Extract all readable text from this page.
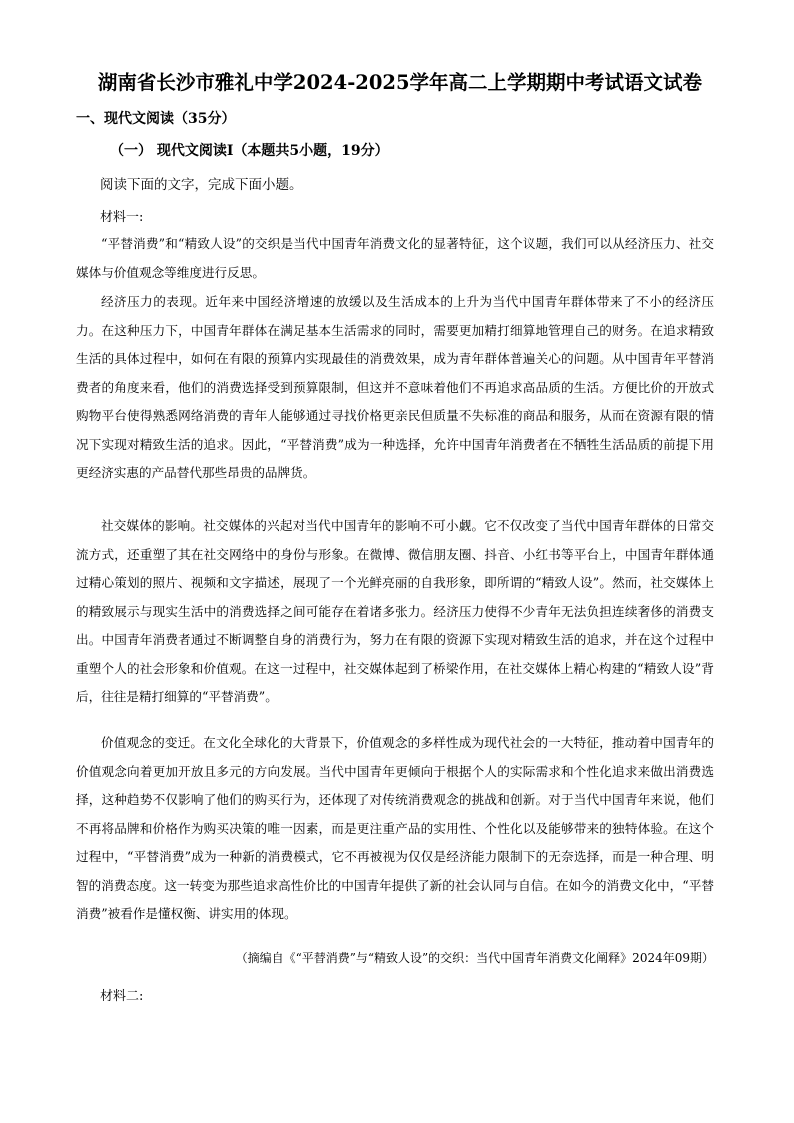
湖南省长沙市雅礼中学2024-2025学年高二上学期期中考试语文试卷
一、现代文阅读（35分）
（一） 现代文阅读Ⅰ（本题共5小题，19分）
阅读下面的文字，完成下面小题。
材料一:

“平替消费”和“精致人设”的交织是当代中国青年消费文化的显著特征，这个议题，我们可以从经济压力、社交媒体与价值观念等维度进行反思。

经济压力的表现。近年来中国经济增速的放缓以及生活成本的上升为当代中国青年群体带来了不小的经济压力。在这种压力下，中国青年群体在满足基本生活需求的同时，需要更加精打细算地管理自己的财务。在追求精致生活的具体过程中，如何在有限的预算内实现最佳的消费效果，成为青年群体普遍关心的问题。从中国青年平替消费者的角度来看，他们的消费选择受到预算限制，但这并不意味着他们不再追求高品质的生活。方便比价的开放式购物平台使得熟悉网络消费的青年人能够通过寻找价格更亲民但质量不失标准的商品和服务，从而在资源有限的情况下实现对精致生活的追求。因此，“平替消费”成为一种选择，允许中国青年消费者在不牺牲生活品质的前提下用更经济实惠的产品替代那些昂贵的品牌货。

社交媒体的影响。社交媒体的兴起对当代中国青年的影响不可小觑。它不仅改变了当代中国青年群体的日常交流方式，还重塑了其在社交网络中的身份与形象。在微博、微信朋友圈、抖音、小红书等平台上，中国青年群体通过精心策划的照片、视频和文字描述，展现了一个光鲜亮丽的自我形象，即所谓的“精致人设”。然而，社交媒体上的精致展示与现实生活中的消费选择之间可能存在着诸多张力。经济压力使得不少青年无法负担连续奢侈的消费支出。中国青年消费者通过不断调整自身的消费行为，努力在有限的资源下实现对精致生活的追求，并在这个过程中重塑个人的社会形象和价值观。在这一过程中，社交媒体起到了桥梁作用，在社交媒体上精心构建的“精致人设”背后，往往是精打细算的“平替消费”。

价值观念的变迁。在文化全球化的大背景下，价值观念的多样性成为现代社会的一大特征，推动着中国青年的价值观念向着更加开放且多元的方向发展。当代中国青年更倾向于根据个人的实际需求和个性化追求来做出消费选择，这种趋势不仅影响了他们的购买行为，还体现了对传统消费观念的挑战和创新。对于当代中国青年来说，他们不再将品牌和价格作为购买决策的唯一因素，而是更注重产品的实用性、个性化以及能够带来的独特体验。在这个过程中，“平替消费”成为一种新的消费模式，它不再被视为仅仅是经济能力限制下的无奈选择，而是一种合理、明智的消费态度。这一转变为那些追求高性价比的中国青年提供了新的社会认同与自信。在如今的消费文化中，“平替消费”被看作是懂权衡、讲实用的体现。

（摘编自《“平替消费”与“精致人设”的交织：当代中国青年消费文化阐释》2024年09期）
材料二:
